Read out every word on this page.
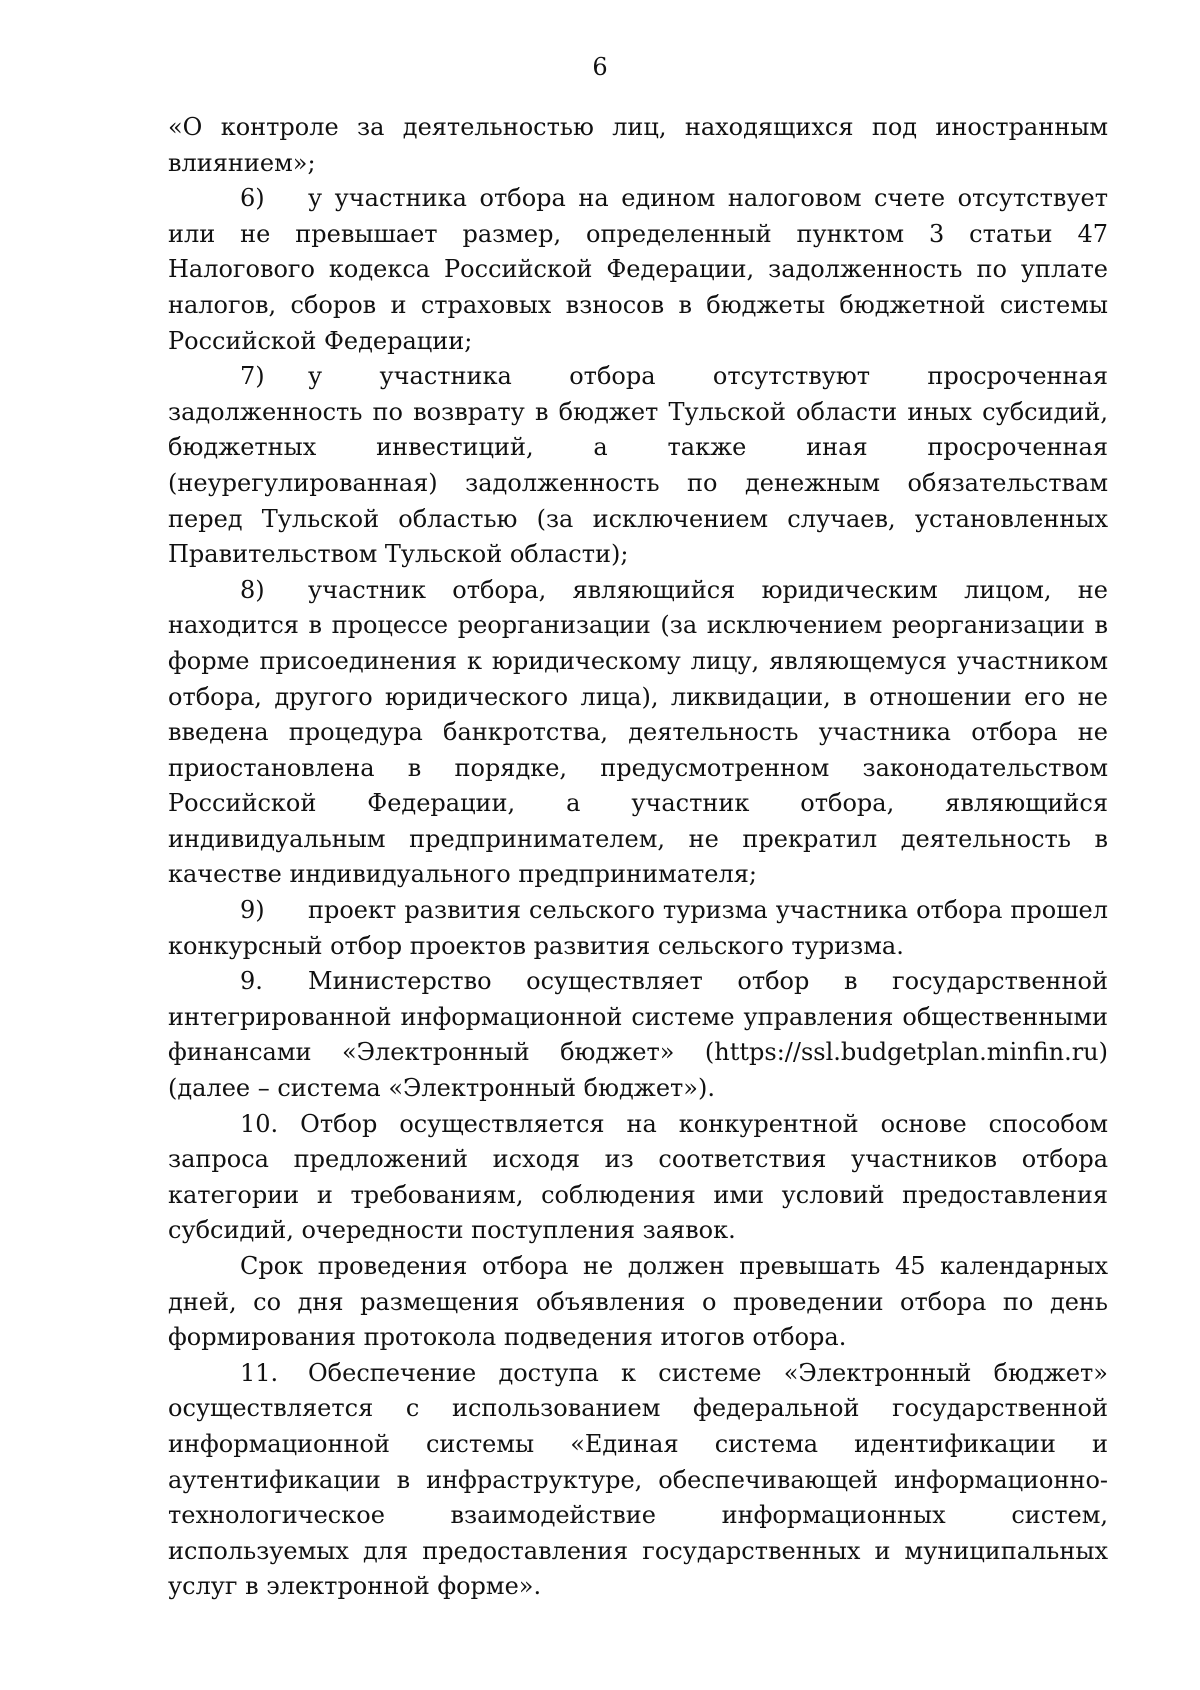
6

«О контроле за деятельностью лиц, находящихся под иностранным влиянием»;

6) у участника отбора на едином налоговом счете отсутствует или не превышает размер, определенный пунктом 3 статьи 47 Налогового кодекса Российской Федерации, задолженность по уплате налогов, сборов и страховых взносов в бюджеты бюджетной системы Российской Федерации;

7) у участника отбора отсутствуют просроченная задолженность по возврату в бюджет Тульской области иных субсидий, бюджетных инвестиций, а также иная просроченная (неурегулированная) задолженность по денежным обязательствам перед Тульской областью (за исключением случаев, установленных Правительством Тульской области);

8) участник отбора, являющийся юридическим лицом, не находится в процессе реорганизации (за исключением реорганизации в форме присоединения к юридическому лицу, являющемуся участником отбора, другого юридического лица), ликвидации, в отношении его не введена процедура банкротства, деятельность участника отбора не приостановлена в порядке, предусмотренном законодательством Российской Федерации, а участник отбора, являющийся индивидуальным предпринимателем, не прекратил деятельность в качестве индивидуального предпринимателя;

9) проект развития сельского туризма участника отбора прошел конкурсный отбор проектов развития сельского туризма.

9. Министерство осуществляет отбор в государственной интегрированной информационной системе управления общественными финансами «Электронный бюджет» (https://ssl.budgetplan.minfin.ru) (далее – система «Электронный бюджет»).

10. Отбор осуществляется на конкурентной основе способом запроса предложений исходя из соответствия участников отбора категории и требованиям, соблюдения ими условий предоставления субсидий, очередности поступления заявок.

Срок проведения отбора не должен превышать 45 календарных дней, со дня размещения объявления о проведении отбора по день формирования протокола подведения итогов отбора.

11. Обеспечение доступа к системе «Электронный бюджет» осуществляется с использованием федеральной государственной информационной системы «Единая система идентификации и аутентификации в инфраструктуре, обеспечивающей информационно-технологическое взаимодействие информационных систем, используемых для предоставления государственных и муниципальных услуг в электронной форме».
